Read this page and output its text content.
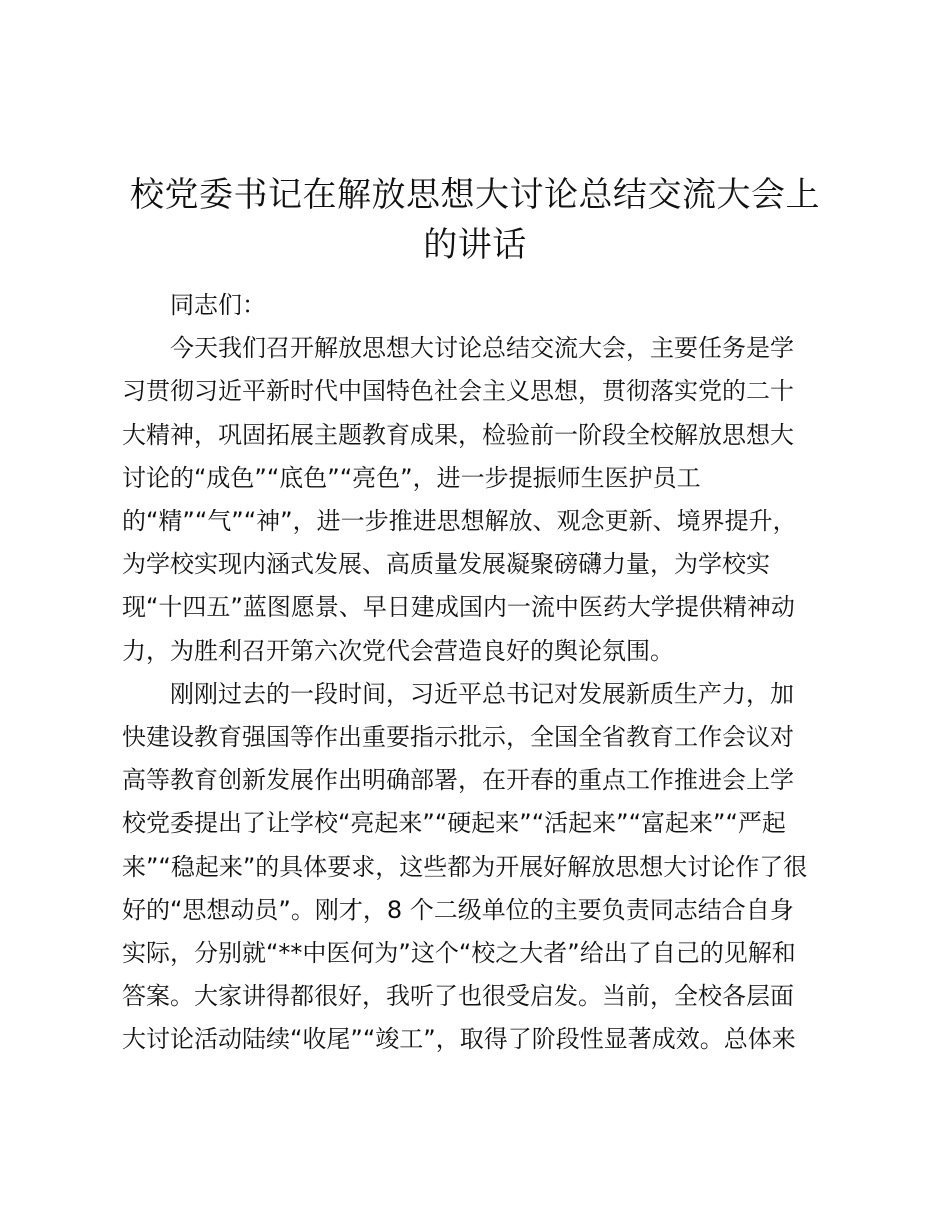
校党委书记在解放思想大讨论总结交流大会上
的讲话

同志们：

今天我们召开解放思想大讨论总结交流大会，主要任务是学
习贯彻习近平新时代中国特色社会主义思想，贯彻落实党的二十
大精神，巩固拓展主题教育成果，检验前一阶段全校解放思想大
讨论的“成色”“底色”“亮色”，进一步提振师生医护员工
的“精”“气”“神”，进一步推进思想解放、观念更新、境界提升，
为学校实现内涵式发展、高质量发展凝聚磅礴力量，为学校实
现“十四五”蓝图愿景、早日建成国内一流中医药大学提供精神动
力，为胜利召开第六次党代会营造良好的舆论氛围。

刚刚过去的一段时间，习近平总书记对发展新质生产力，加
快建设教育强国等作出重要指示批示，全国全省教育工作会议对
高等教育创新发展作出明确部署，在开春的重点工作推进会上学
校党委提出了让学校“亮起来”“硬起来”“活起来”“富起来”“严起
来”“稳起来”的具体要求，这些都为开展好解放思想大讨论作了很
好的“思想动员”。刚才，8 个二级单位的主要负责同志结合自身
实际，分别就“**中医何为”这个“校之大者”给出了自己的见解和
答案。大家讲得都很好，我听了也很受启发。当前，全校各层面
大讨论活动陆续“收尾”“竣工”，取得了阶段性显著成效。总体来
